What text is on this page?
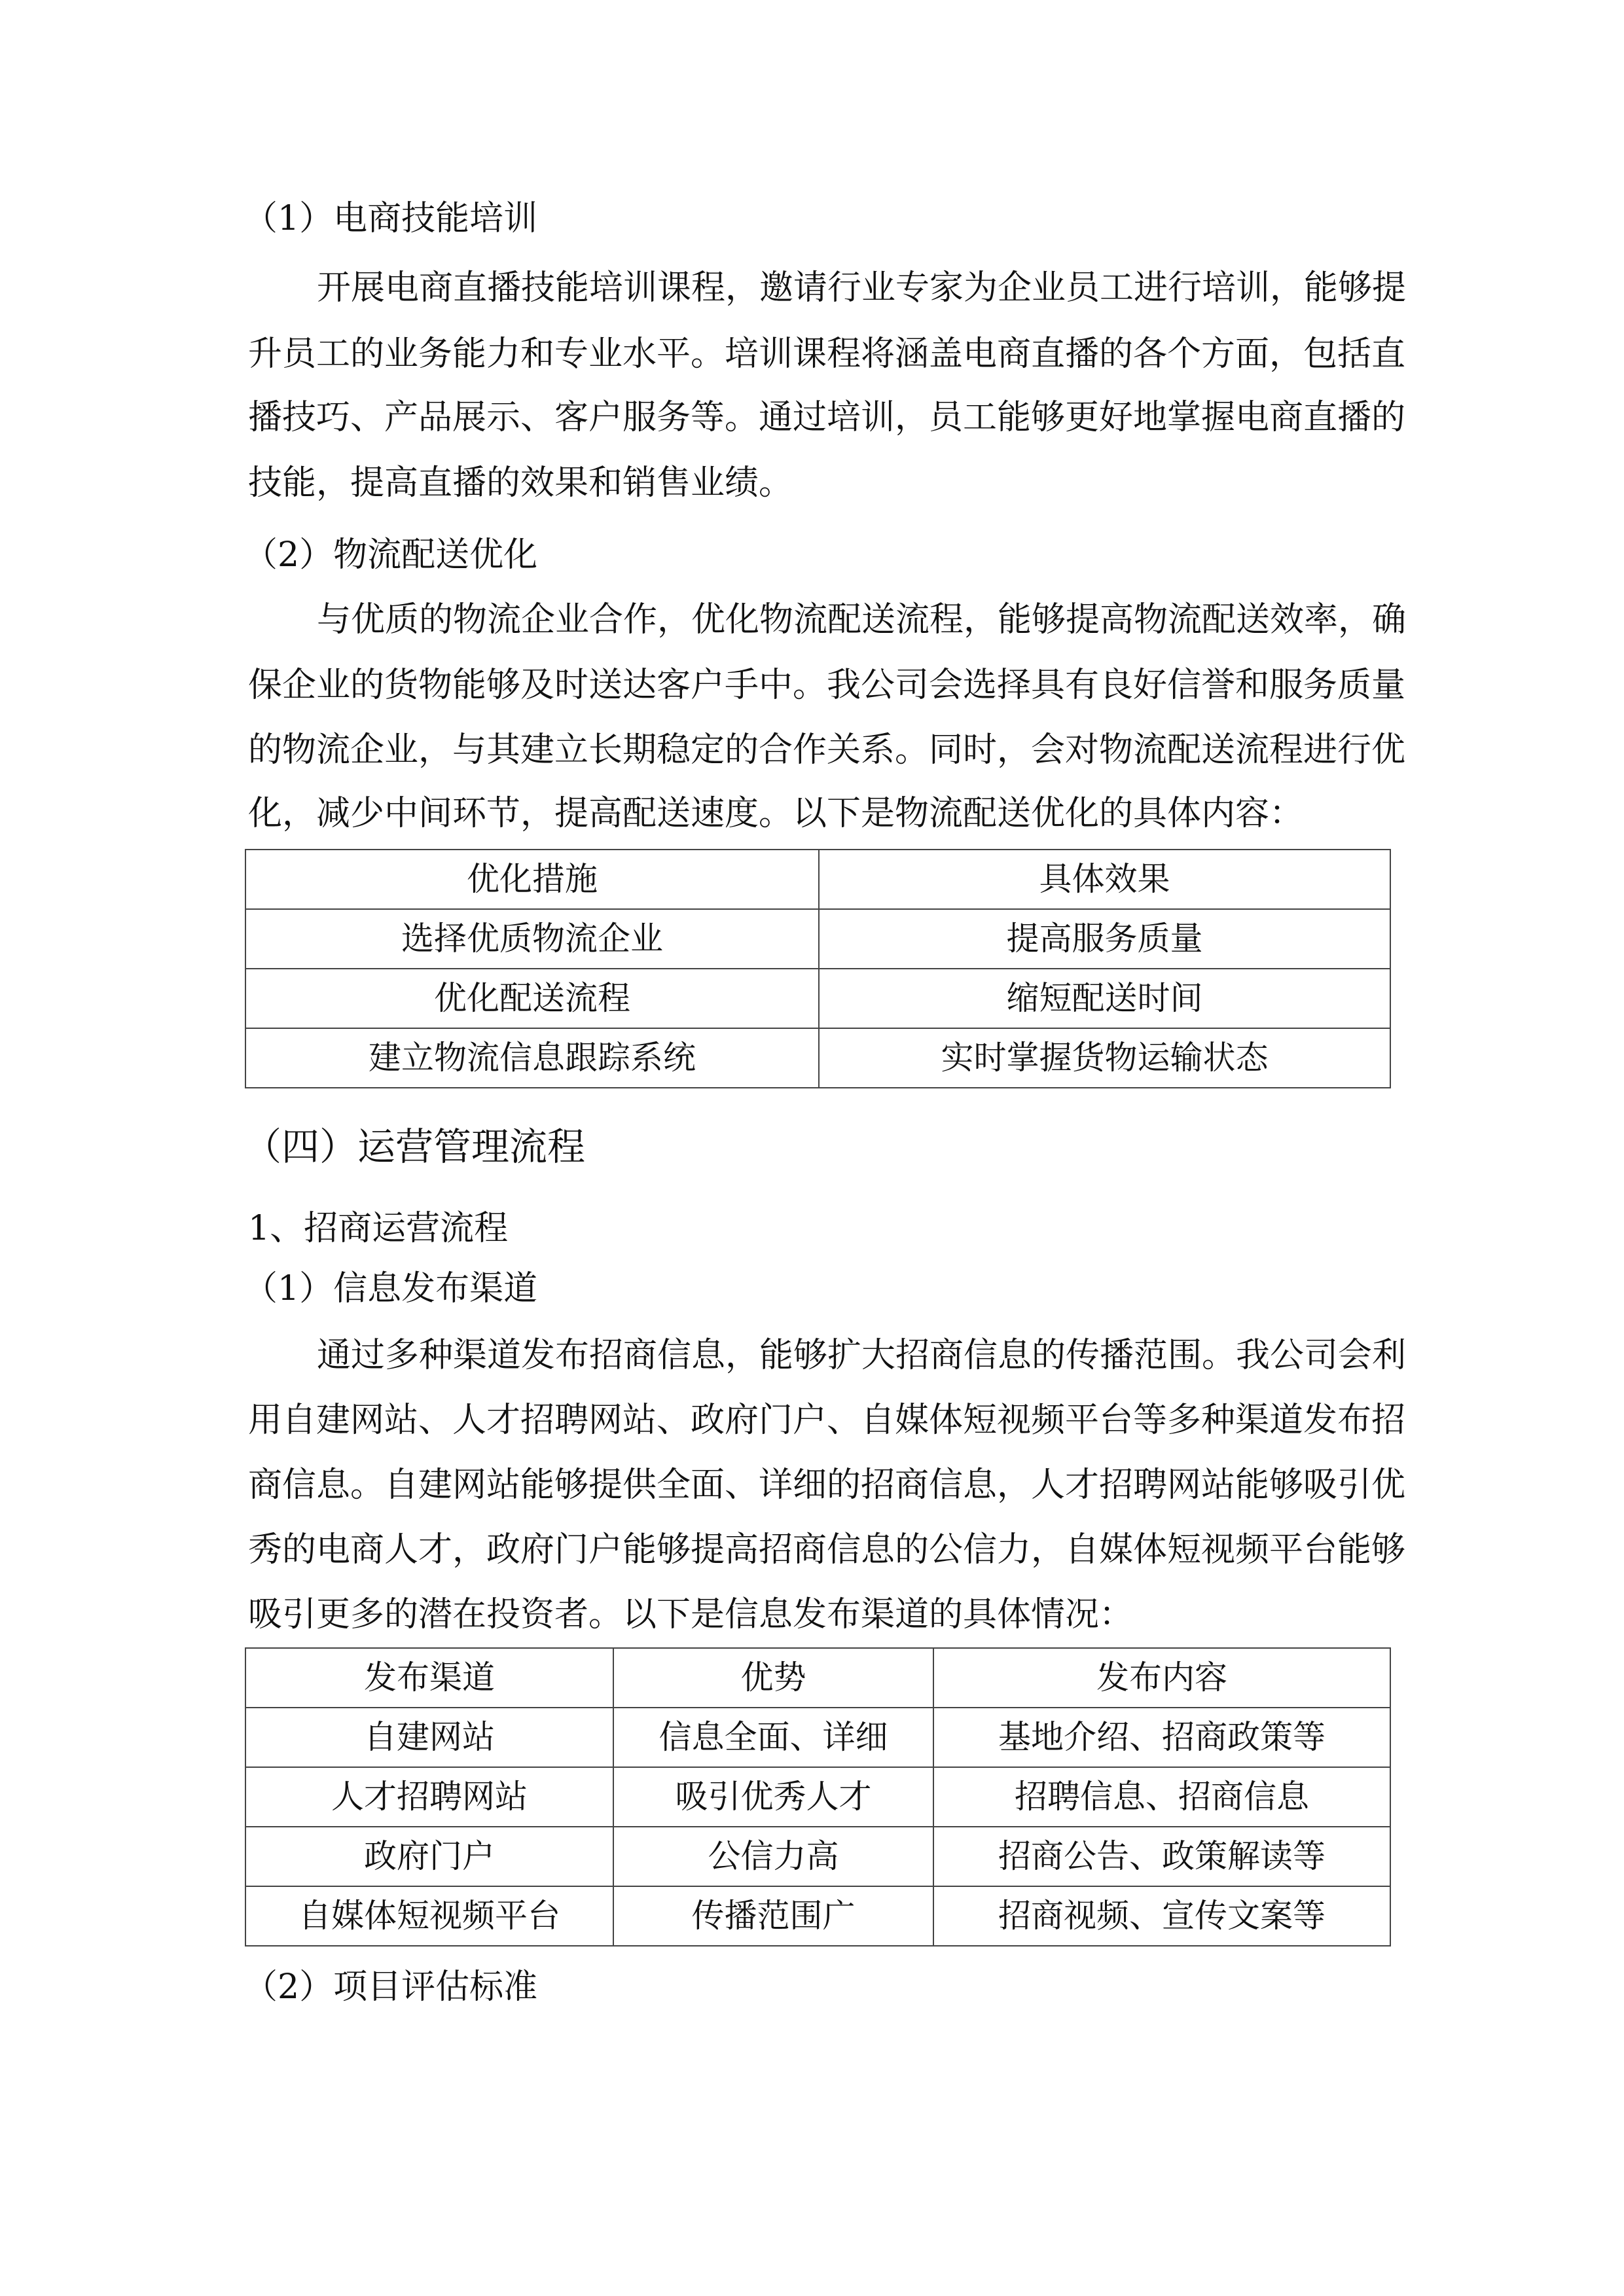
（1）电商技能培训
开展电商直播技能培训课程，邀请行业专家为企业员工进行培训，能够提
升员工的业务能力和专业水平。培训课程将涵盖电商直播的各个方面，包括直
播技巧、产品展示、客户服务等。通过培训，员工能够更好地掌握电商直播的
技能，提高直播的效果和销售业绩。
（2）物流配送优化
与优质的物流企业合作，优化物流配送流程，能够提高物流配送效率，确
保企业的货物能够及时送达客户手中。我公司会选择具有良好信誉和服务质量
的物流企业，与其建立长期稳定的合作关系。同时，会对物流配送流程进行优
化，减少中间环节，提高配送速度。以下是物流配送优化的具体内容：
优化措施	具体效果
选择优质物流企业	提高服务质量
优化配送流程	缩短配送时间
建立物流信息跟踪系统	实时掌握货物运输状态
（四）运营管理流程
1、招商运营流程
（1）信息发布渠道
通过多种渠道发布招商信息，能够扩大招商信息的传播范围。我公司会利
用自建网站、人才招聘网站、政府门户、自媒体短视频平台等多种渠道发布招
商信息。自建网站能够提供全面、详细的招商信息，人才招聘网站能够吸引优
秀的电商人才，政府门户能够提高招商信息的公信力，自媒体短视频平台能够
吸引更多的潜在投资者。以下是信息发布渠道的具体情况：
发布渠道	优势	发布内容
自建网站	信息全面、详细	基地介绍、招商政策等
人才招聘网站	吸引优秀人才	招聘信息、招商信息
政府门户	公信力高	招商公告、政策解读等
自媒体短视频平台	传播范围广	招商视频、宣传文案等
（2）项目评估标准
